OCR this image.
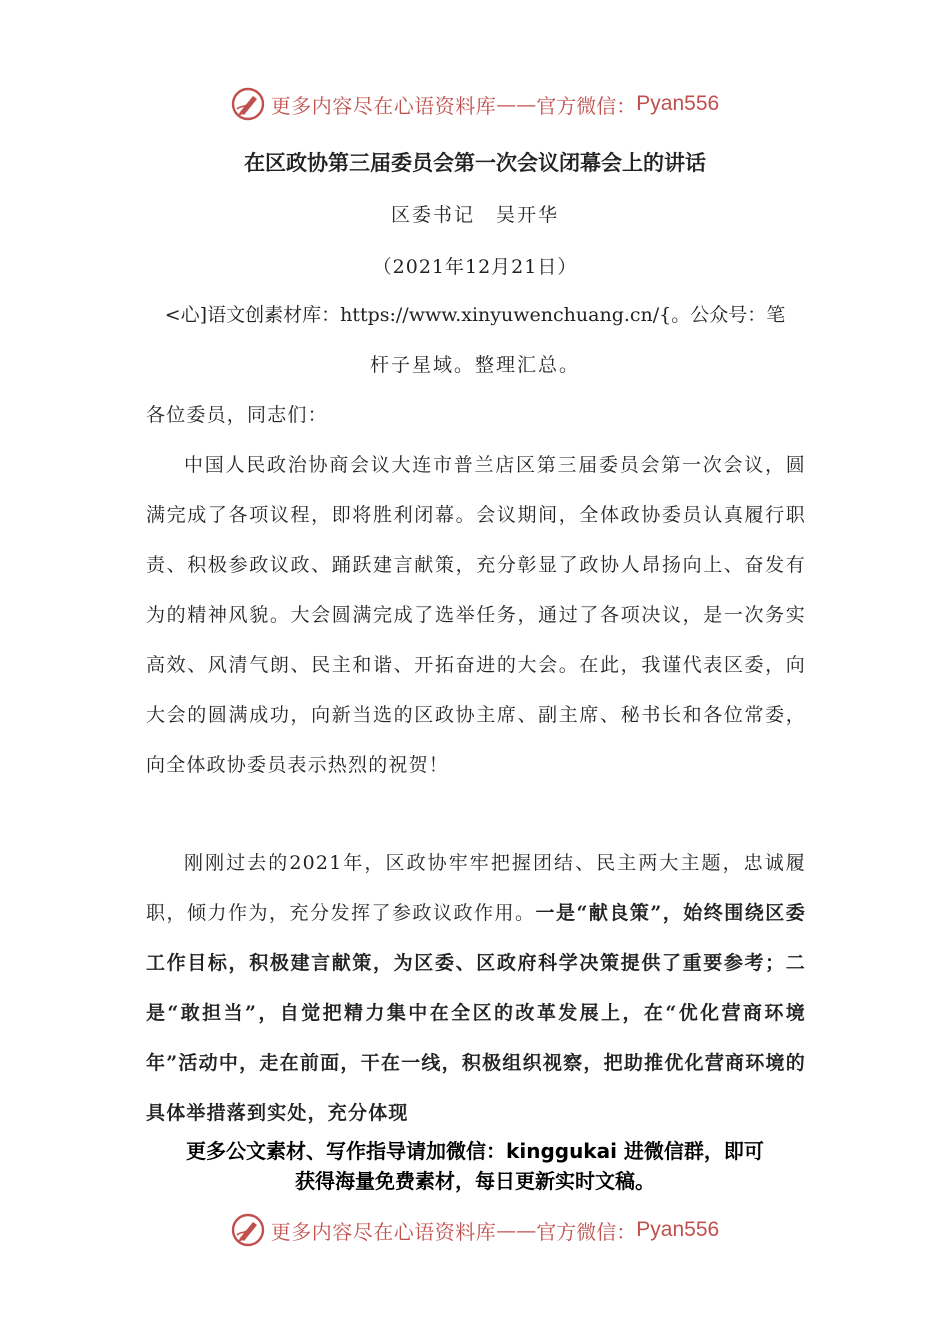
更多内容尽在心语资料库 —— 官方微信： Pyan556
在区政协第三届委员会第一次会议闭幕会上的讲话
区委书记　吴开华
（2021年12月21日）
<心]语文创素材库：https://www.xinyuwenchuang.cn/{。公众号：笔
杆子星域。整理汇总。
各位委员，同志们：
中国人民政治协商会议大连市普兰店区第三届委员会第一次会议，圆满完成了各项议程，即将胜利闭幕。会议期间，全体政协委员认真履行职责、积极参政议政、踊跃建言献策，充分彰显了政协人昂扬向上、奋发有为的精神风貌。大会圆满完成了选举任务，通过了各项决议，是一次务实高效、风清气朗、民主和谐、开拓奋进的大会。在此，我谨代表区委，向大会的圆满成功，向新当选的区政协主席、副主席、秘书长和各位常委，向全体政协委员表示热烈的祝贺！
刚刚过去的2021年，区政协牢牢把握团结、民主两大主题，忠诚履职，倾力作为，充分发挥了参政议政作用。一是“献良策”，始终围绕区委工作目标，积极建言献策，为区委、区政府科学决策提供了重要参考；二是“敢担当”，自觉把精力集中在全区的改革发展上，在“优化营商环境年”活动中，走在前面，干在一线，积极组织视察，把助推优化营商环境的具体举措落到实处，充分体现
更多公文素材、写作指导请加微信：kinggukai 进微信群，即可
获得海量免费素材，每日更新实时文稿。
更多内容尽在心语资料库 —— 官方微信： Pyan556
